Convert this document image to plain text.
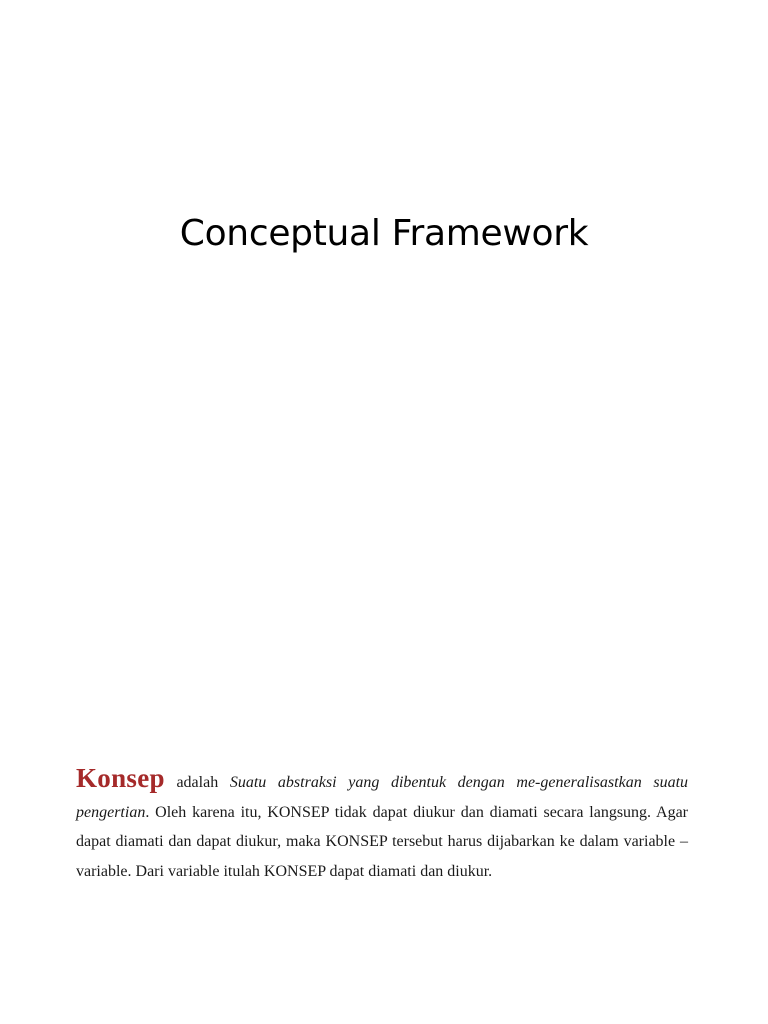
Conceptual Framework

Konsep adalah Suatu abstraksi yang dibentuk dengan me-generalisastkan suatu pengertian. Oleh karena itu, KONSEP tidak dapat diukur dan diamati secara langsung. Agar dapat diamati dan dapat diukur, maka KONSEP tersebut harus dijabarkan ke dalam variable – variable. Dari variable itulah KONSEP dapat diamati dan diukur.
